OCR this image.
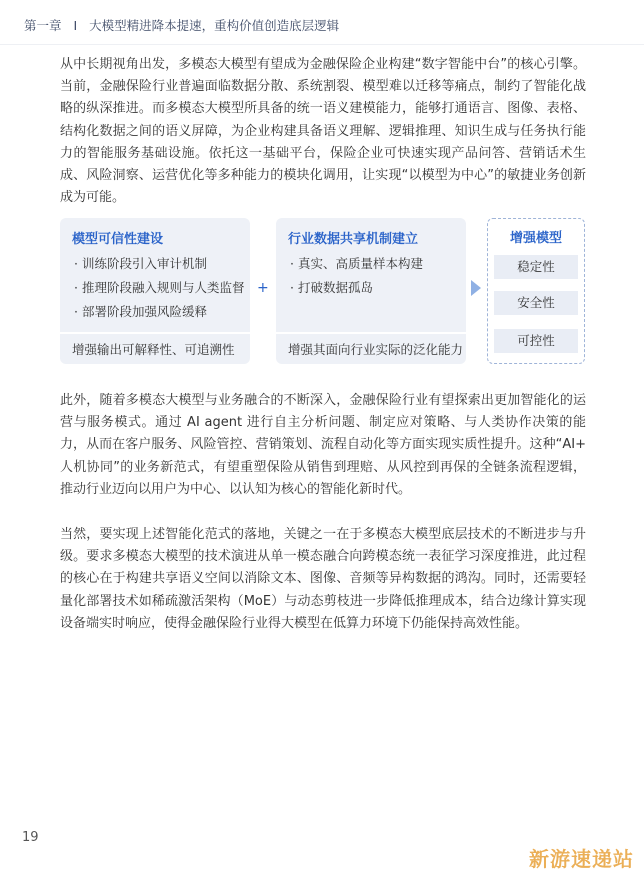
第一章 I 大模型精进降本提速，重构价值创造底层逻辑

从中长期视角出发，多模态大模型有望成为金融保险企业构建“数字智能中台”的核心引擎。当前，金融保险行业普遍面临数据分散、系统割裂、模型难以迁移等痛点，制约了智能化战略的纵深推进。而多模态大模型所具备的统一语义建模能力，能够打通语言、图像、表格、结构化数据之间的语义屏障，为企业构建具备语义理解、逻辑推理、知识生成与任务执行能力的智能服务基础设施。依托这一基础平台，保险企业可快速实现产品问答、营销话术生成、风险洞察、运营优化等多种能力的模块化调用，让实现“以模型为中心”的敏捷业务创新成为可能。

模型可信性建设
· 训练阶段引入审计机制
· 推理阶段融入规则与人类监督
· 部署阶段加强风险缓释
增强输出可解释性、可追溯性
+
行业数据共享机制建立
· 真实、高质量样本构建
· 打破数据孤岛
增强其面向行业实际的泛化能力
增强模型
稳定性
安全性
可控性

此外，随着多模态大模型与业务融合的不断深入，金融保险行业有望探索出更加智能化的运营与服务模式。通过 AI agent 进行自主分析问题、制定应对策略、与人类协作决策的能力，从而在客户服务、风险管控、营销策划、流程自动化等方面实现实质性提升。这种“AI+ 人机协同”的业务新范式，有望重塑保险从销售到理赔、从风控到再保的全链条流程逻辑，推动行业迈向以用户为中心、以认知为核心的智能化新时代。

当然，要实现上述智能化范式的落地，关键之一在于多模态大模型底层技术的不断进步与升级。要求多模态大模型的技术演进从单一模态融合向跨模态统一表征学习深度推进，此过程的核心在于构建共享语义空间以消除文本、图像、音频等异构数据的鸿沟。同时，还需要轻量化部署技术如稀疏激活架构（MoE）与动态剪枝进一步降低推理成本，结合边缘计算实现设备端实时响应，使得金融保险行业得大模型在低算力环境下仍能保持高效性能。

19
新游速递站
